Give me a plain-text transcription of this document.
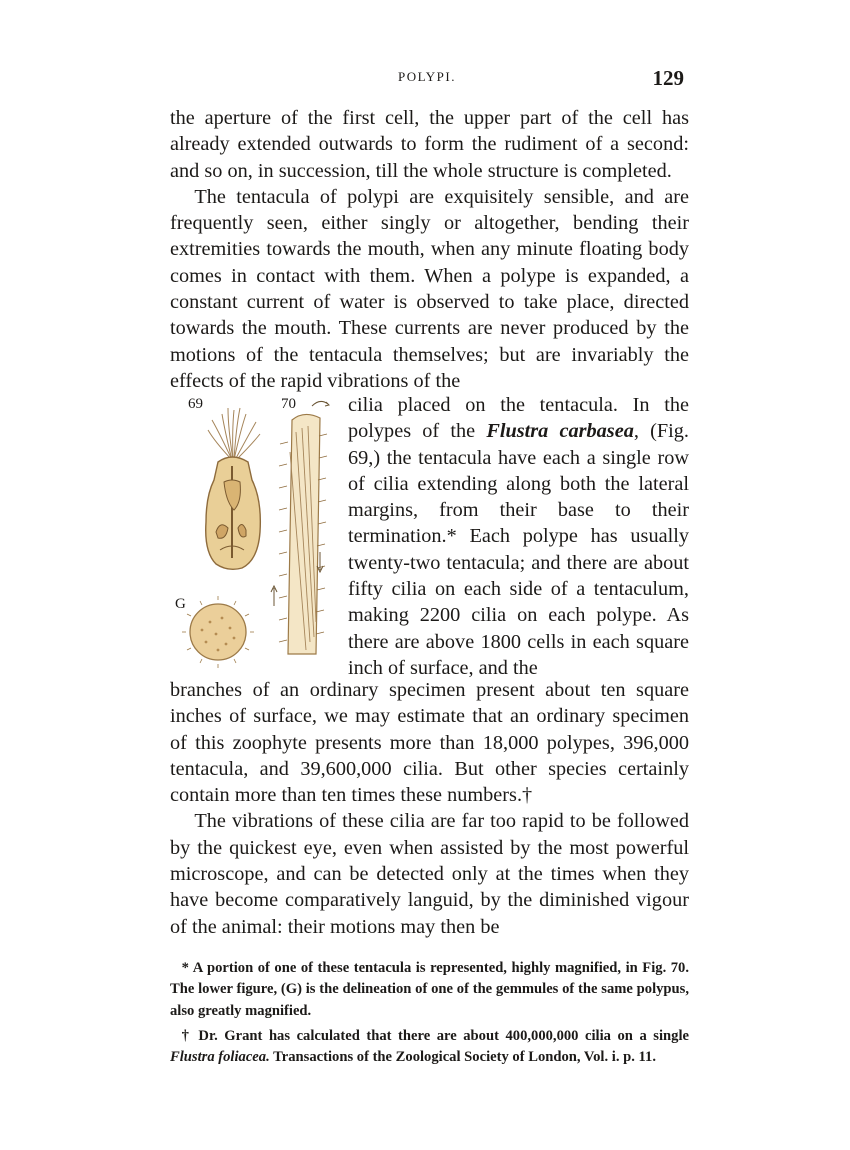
POLYPI.	129

the aperture of the first cell, the upper part of the cell has already extended outwards to form the rudiment of a second: and so on, in succession, till the whole structure is completed.

The tentacula of polypi are exquisitely sensible, and are frequently seen, either singly or altogether, bending their extremities towards the mouth, when any minute floating body comes in contact with them. When a polype is expanded, a constant current of water is observed to take place, directed towards the mouth. These currents are never produced by the motions of the tentacula themselves; but are invariably the effects of the rapid vibrations of the

69	70
G
cilia placed on the tentacula. In the polypes of the Flustra carbasea, (Fig. 69,) the tentacula have each a single row of cilia extending along both the lateral margins, from their base to their termination.* Each polype has usually twenty-two tentacula; and there are about fifty cilia on each side of a tentaculum, making 2200 cilia on each polype. As there are above 1800 cells in each square inch of surface, and the

branches of an ordinary specimen present about ten square inches of surface, we may estimate that an ordinary specimen of this zoophyte presents more than 18,000 polypes, 396,000 tentacula, and 39,600,000 cilia. But other species certainly contain more than ten times these numbers.†

The vibrations of these cilia are far too rapid to be followed by the quickest eye, even when assisted by the most powerful microscope, and can be detected only at the times when they have become comparatively languid, by the diminished vigour of the animal: their motions may then be

* A portion of one of these tentacula is represented, highly magnified, in Fig. 70. The lower figure, (G) is the delineation of one of the gemmules of the same polypus, also greatly magnified.

† Dr. Grant has calculated that there are about 400,000,000 cilia on a single Flustra foliacea. Transactions of the Zoological Society of London, Vol. i. p. 11.
